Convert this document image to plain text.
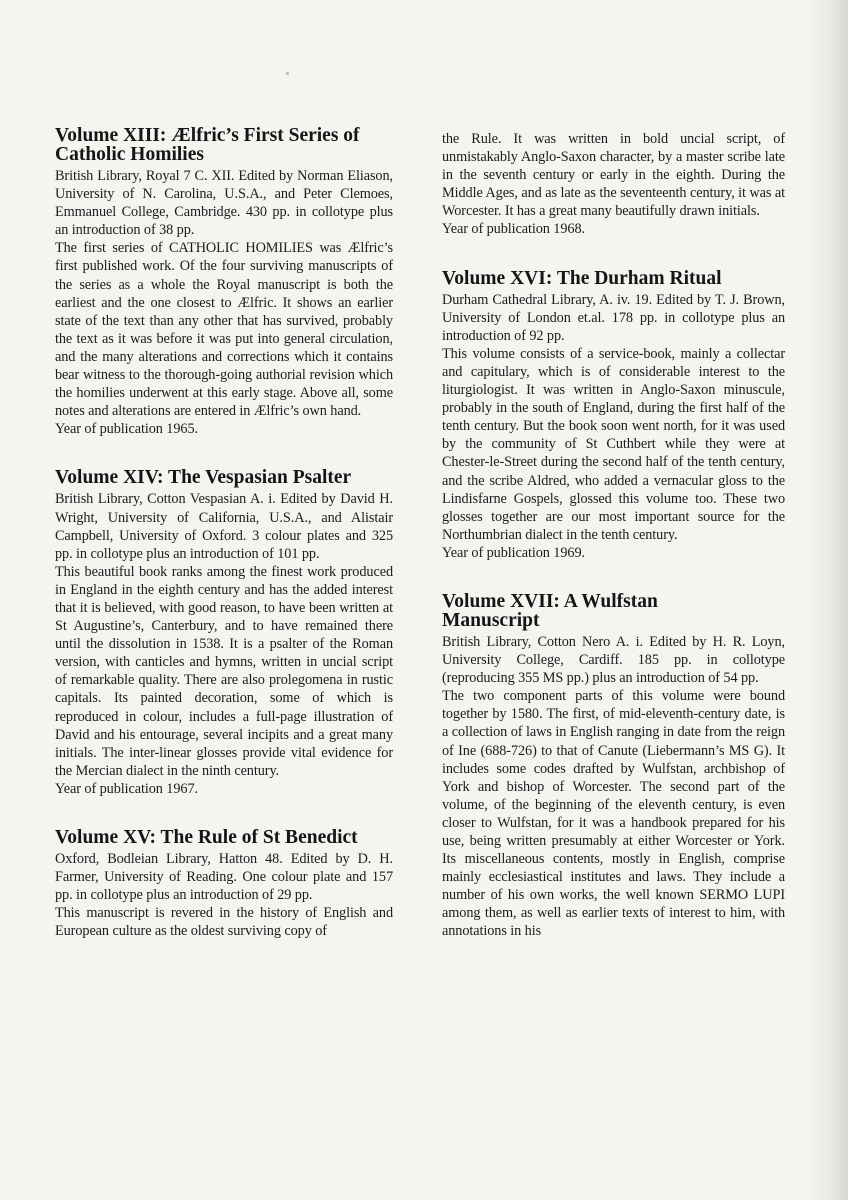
Volume XIII: Ælfric’s First Series of
Catholic Homilies

British Library, Royal 7 C. XII. Edited by Norman Eliason, University of N. Carolina, U.S.A., and Peter Clemoes, Emmanuel College, Cambridge. 430 pp. in collotype plus an introduction of 38 pp.

The first series of CATHOLIC HOMILIES was Ælfric’s first published work. Of the four surviving manuscripts of the series as a whole the Royal manuscript is both the earliest and the one closest to Ælfric. It shows an earlier state of the text than any other that has survived, probably the text as it was before it was put into general circulation, and the many alterations and corrections which it contains bear witness to the thorough-going authorial revision which the homilies underwent at this early stage. Above all, some notes and alterations are entered in Ælfric’s own hand.

Year of publication 1965.

Volume XIV: The Vespasian Psalter

British Library, Cotton Vespasian A. i. Edited by David H. Wright, University of California, U.S.A., and Alistair Campbell, University of Oxford. 3 colour plates and 325 pp. in collotype plus an introduction of 101 pp.

This beautiful book ranks among the finest work produced in England in the eighth century and has the added interest that it is believed, with good reason, to have been written at St Augustine’s, Canterbury, and to have remained there until the dissolution in 1538. It is a psalter of the Roman version, with canticles and hymns, written in uncial script of remarkable quality. There are also prolegomena in rustic capitals. Its painted decoration, some of which is reproduced in colour, includes a full-page illustration of David and his entourage, several incipits and a great many initials. The inter-linear glosses provide vital evidence for the Mercian dialect in the ninth century.

Year of publication 1967.

Volume XV: The Rule of St Benedict

Oxford, Bodleian Library, Hatton 48. Edited by D. H. Farmer, University of Reading. One colour plate and 157 pp. in collotype plus an introduction of 29 pp.

This manuscript is revered in the history of English and European culture as the oldest surviving copy of

the Rule. It was written in bold uncial script, of unmistakably Anglo-Saxon character, by a master scribe late in the seventh century or early in the eighth. During the Middle Ages, and as late as the seventeenth century, it was at Worcester. It has a great many beautifully drawn initials.

Year of publication 1968.

Volume XVI: The Durham Ritual

Durham Cathedral Library, A. iv. 19. Edited by T. J. Brown, University of London et.al. 178 pp. in collotype plus an introduction of 92 pp.

This volume consists of a service-book, mainly a collectar and capitulary, which is of considerable interest to the liturgiologist. It was written in Anglo-Saxon minuscule, probably in the south of England, during the first half of the tenth century. But the book soon went north, for it was used by the community of St Cuthbert while they were at Chester-le-Street during the second half of the tenth century, and the scribe Aldred, who added a vernacular gloss to the Lindisfarne Gospels, glossed this volume too. These two glosses together are our most important source for the Northumbrian dialect in the tenth century.

Year of publication 1969.

Volume XVII: A Wulfstan
Manuscript

British Library, Cotton Nero A. i. Edited by H. R. Loyn, University College, Cardiff. 185 pp. in collotype (reproducing 355 MS pp.) plus an introduction of 54 pp.

The two component parts of this volume were bound together by 1580. The first, of mid-eleventh-century date, is a collection of laws in English ranging in date from the reign of Ine (688-726) to that of Canute (Liebermann’s MS G). It includes some codes drafted by Wulfstan, archbishop of York and bishop of Worcester. The second part of the volume, of the beginning of the eleventh century, is even closer to Wulfstan, for it was a handbook prepared for his use, being written presumably at either Worcester or York. Its miscellaneous contents, mostly in English, comprise mainly ecclesiastical institutes and laws. They include a number of his own works, the well known SERMO LUPI among them, as well as earlier texts of interest to him, with annotations in his
